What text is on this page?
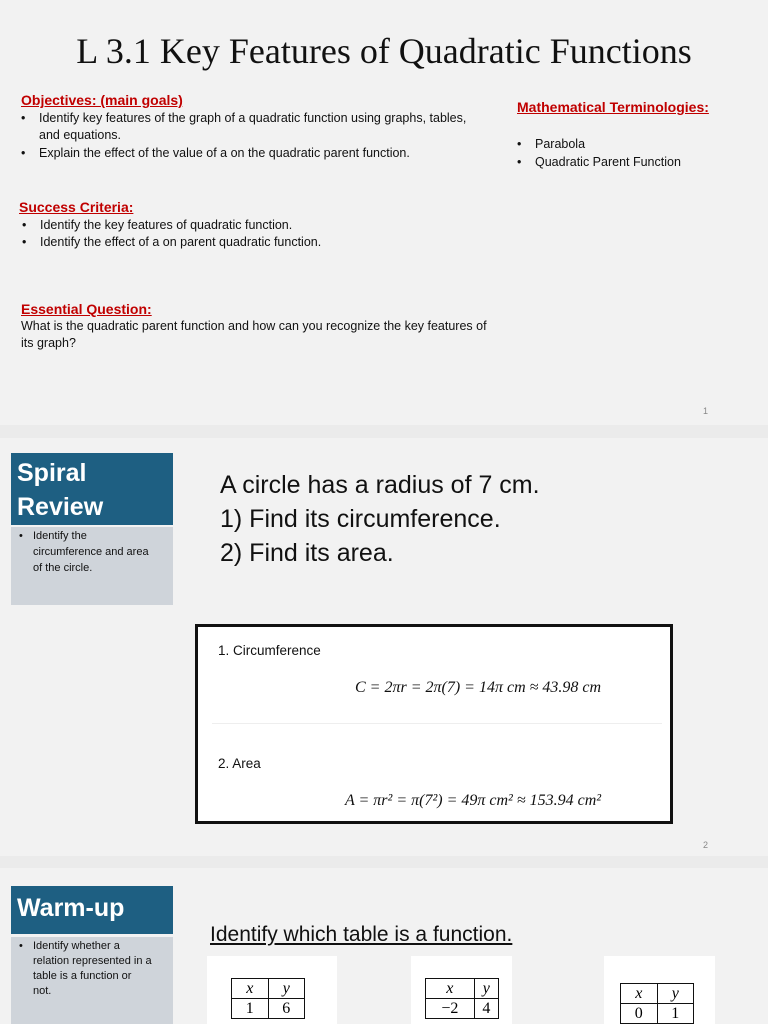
L 3.1 Key Features of Quadratic Functions
Objectives: (main goals)
• Identify key features of the graph of a quadratic function using graphs, tables,
and equations.
• Explain the effect of the value of a on the quadratic parent function.
Mathematical Terminologies:
• Parabola
• Quadratic Parent Function
Success Criteria:
• Identify the key features of quadratic function.
• Identify the effect of a on parent quadratic function.
Essential Question:
What is the quadratic parent function and how can you recognize the key features of
its graph?
1
Spiral
Review
• Identify the
circumference and area
of the circle.
A circle has a radius of 7 cm.
1) Find its circumference.
2) Find its area.
1. Circumference
C = 2πr = 2π(7) = 14π cm ≈ 43.98 cm
2. Area
A = πr² = π(7²) = 49π cm² ≈ 153.94 cm²
2
Warm-up
• Identify whether a
relation represented in a
table is a function or
not.
Identify which table is a function.
x	y
1	6
x	y
−2	4
x	y
0	1
